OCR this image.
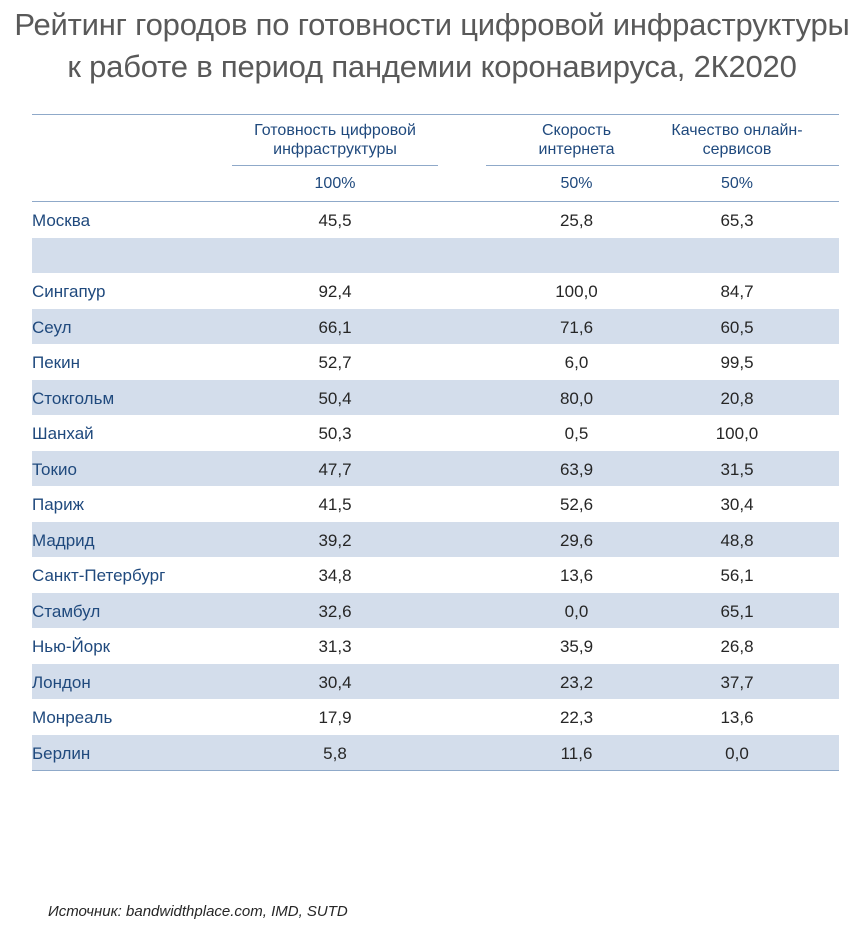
Рейтинг городов по готовности цифровой инфраструктуры
к работе в период пандемии коронавируса, 2К2020
Готовность цифровой
инфраструктуры
Скорость
интернета
Качество онлайн-
сервисов
100%	50%	50%
Москва	45,5	25,8	65,3
Сингапур	92,4	100,0	84,7
Сеул	66,1	71,6	60,5
Пекин	52,7	6,0	99,5
Стокгольм	50,4	80,0	20,8
Шанхай	50,3	0,5	100,0
Токио	47,7	63,9	31,5
Париж	41,5	52,6	30,4
Мадрид	39,2	29,6	48,8
Санкт-Петербург	34,8	13,6	56,1
Стамбул	32,6	0,0	65,1
Нью-Йорк	31,3	35,9	26,8
Лондон	30,4	23,2	37,7
Монреаль	17,9	22,3	13,6
Берлин	5,8	11,6	0,0
Источник: bandwidthplace.com, IMD, SUTD
